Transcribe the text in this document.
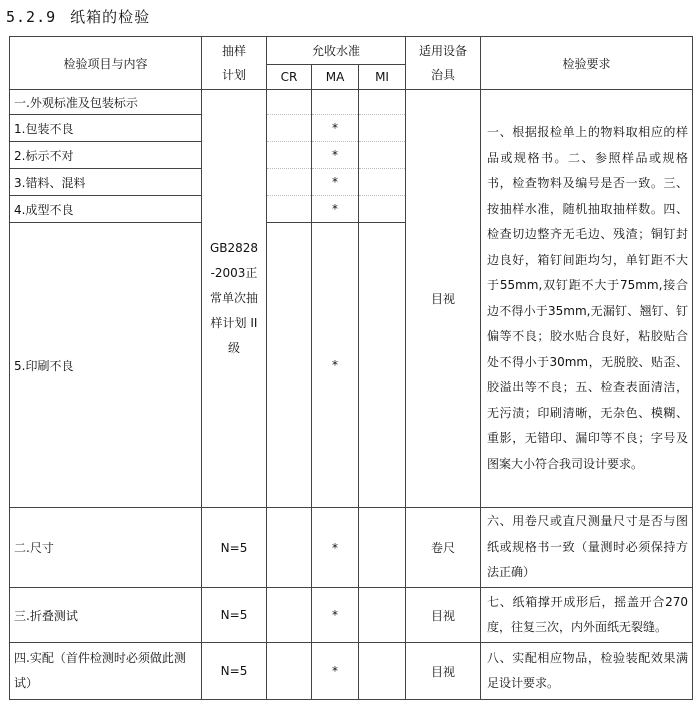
5.2.9 纸箱的检验
检验项目与内容	抽样计划	允收水准			适用设备治具	检验要求
		CR	MA	MI		
一.外观标准及包装标示	GB2828-2003正常单次抽样计划 II级				目视	一、根据报检单上的物料取相应的样品或规格书。二、参照样品或规格书，检查物料及编号是否一致。三、按抽样水准，随机抽取抽样数。四、检查切边整齐无毛边、残渣；铜钉封边良好，箱钉间距均匀，单钉距不大于55mm,双钉距不大于75mm,接合边不得小于35mm,无漏钉、翘钉、钉偏等不良；胶水贴合良好，粘胶贴合处不得小于30mm，无脱胶、贴歪、胶溢出等不良；五、检查表面清洁，无污渍；印刷清晰，无杂色、模糊、重影，无错印、漏印等不良；字号及图案大小符合我司设计要求。
1.包装不良			*			
2.标示不对			*			
3.错料、混料			*			
4.成型不良			*			
5.印刷不良			*			
二.尺寸	N=5		*		卷尺	六、用卷尺或直尺测量尺寸是否与图纸或规格书一致（量测时必须保持方法正确）
三.折叠测试	N=5		*		目视	七、纸箱撑开成形后，摇盖开合270度，往复三次，内外面纸无裂缝。
四.实配（首件检测时必须做此测试）	N=5		*		目视	八、实配相应物品，检验装配效果满足设计要求。
